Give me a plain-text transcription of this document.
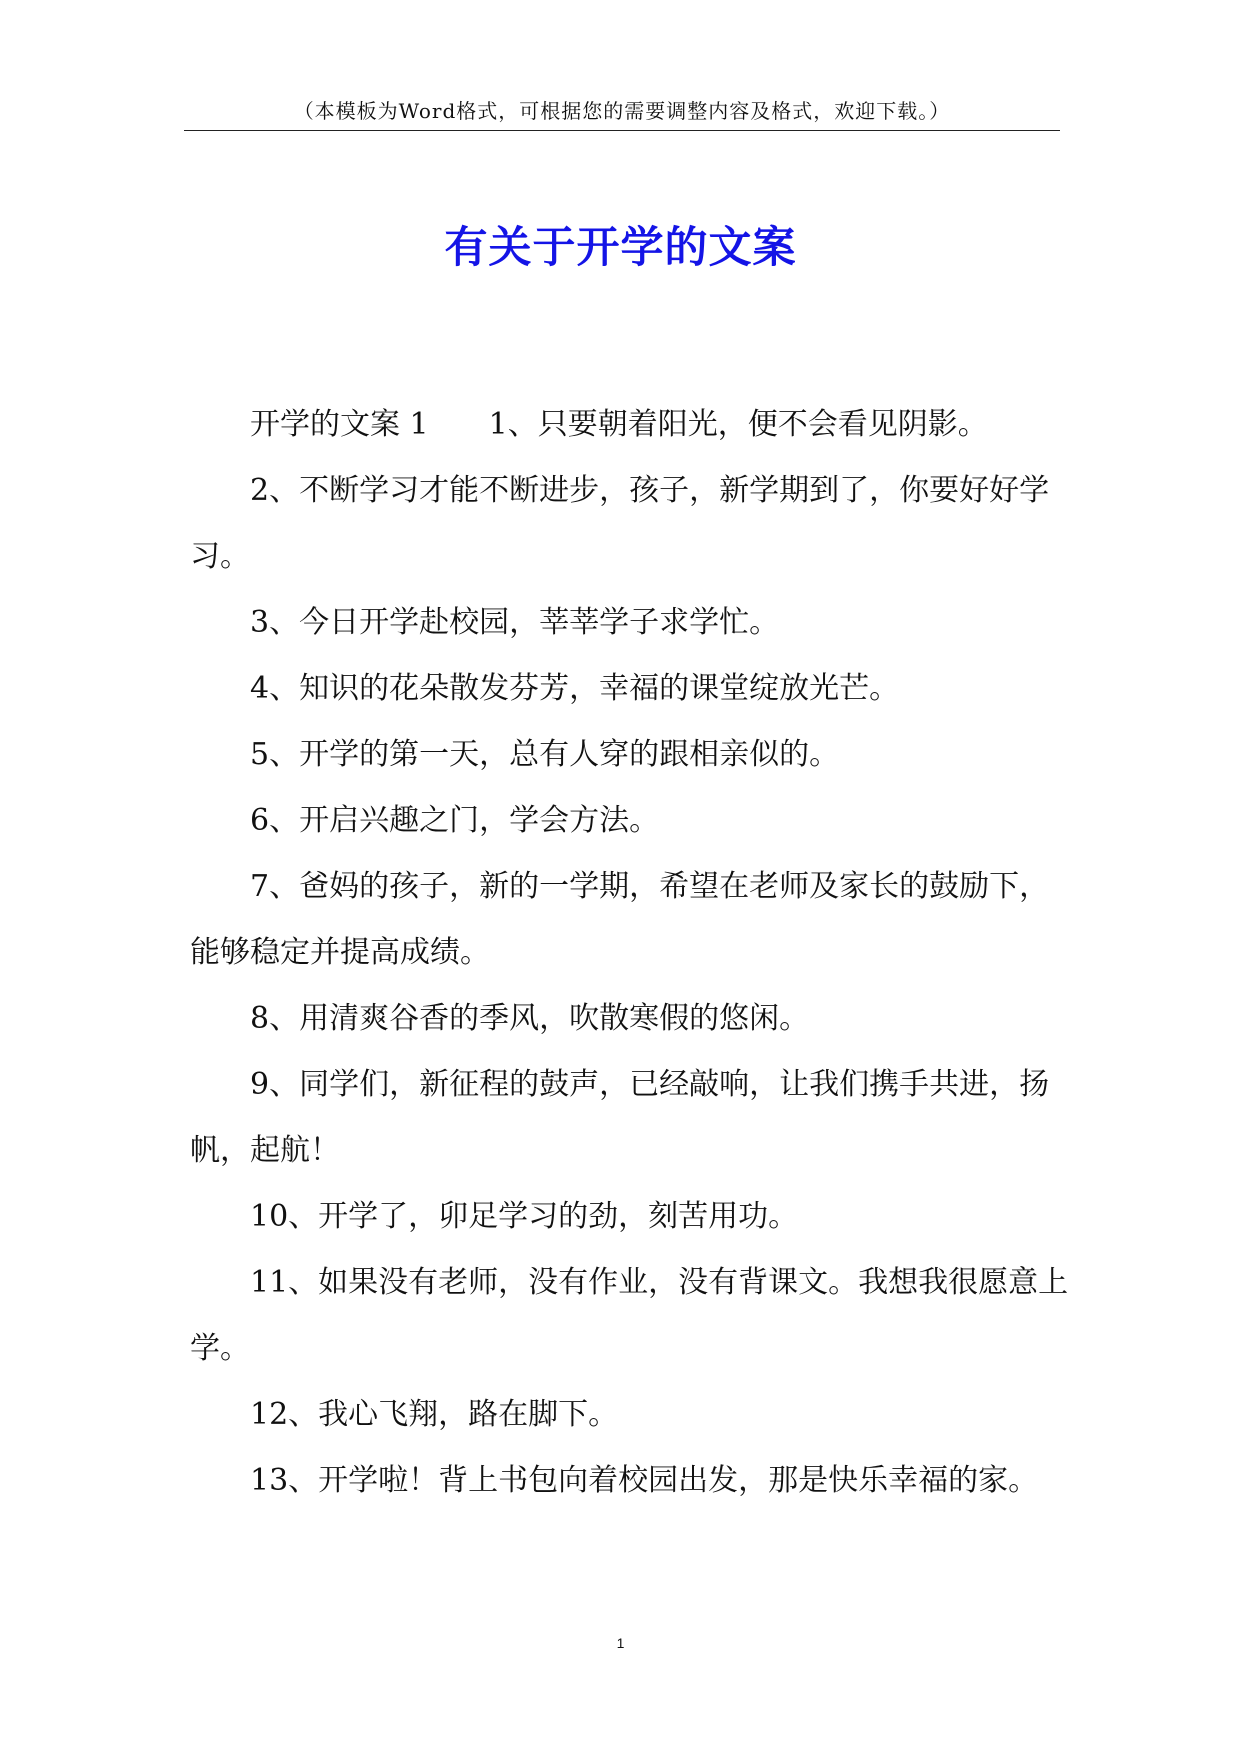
（本模板为Word格式，可根据您的需要调整内容及格式，欢迎下载。）
有关于开学的文案

开学的文案 1 1、只要朝着阳光，便不会看见阴影。

2、不断学习才能不断进步，孩子，新学期到了，你要好好学习。

3、今日开学赴校园，莘莘学子求学忙。

4、知识的花朵散发芬芳，幸福的课堂绽放光芒。

5、开学的第一天，总有人穿的跟相亲似的。

6、开启兴趣之门，学会方法。

7、爸妈的孩子，新的一学期，希望在老师及家长的鼓励下，能够稳定并提高成绩。

8、用清爽谷香的季风，吹散寒假的悠闲。

9、同学们，新征程的鼓声，已经敲响，让我们携手共进，扬帆，起航！

10、开学了，卯足学习的劲，刻苦用功。

11、如果没有老师，没有作业，没有背课文。我想我很愿意上学。

12、我心飞翔，路在脚下。

13、开学啦！背上书包向着校园出发，那是快乐幸福的家。

1
